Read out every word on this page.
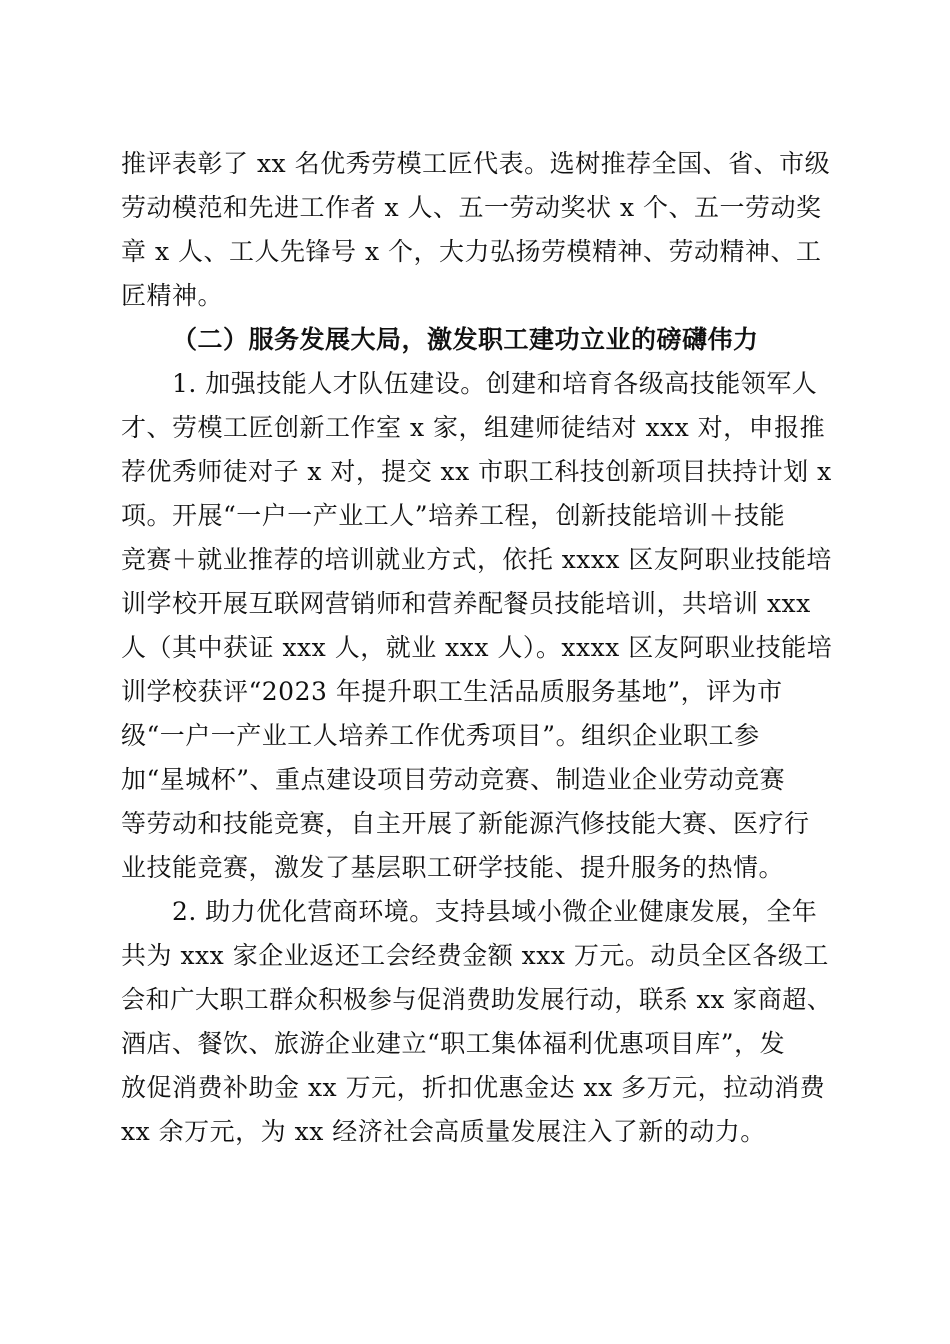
推评表彰了 xx 名优秀劳模工匠代表。选树推荐全国、省、市级
劳动模范和先进工作者 x 人、五一劳动奖状 x 个、五一劳动奖
章 x 人、工人先锋号 x 个，大力弘扬劳模精神、劳动精神、工
匠精神。
（二）服务发展大局，激发职工建功立业的磅礴伟力
1. 加强技能人才队伍建设。创建和培育各级高技能领军人
才、劳模工匠创新工作室 x 家，组建师徒结对 xxx 对，申报推
荐优秀师徒对子 x 对，提交 xx 市职工科技创新项目扶持计划 x
项。开展“一户一产业工人”培养工程，创新技能培训＋技能
竞赛＋就业推荐的培训就业方式，依托 xxxx 区友阿职业技能培
训学校开展互联网营销师和营养配餐员技能培训，共培训 xxx
人（其中获证 xxx 人，就业 xxx 人）。xxxx 区友阿职业技能培
训学校获评“2023 年提升职工生活品质服务基地”，评为市
级“一户一产业工人培养工作优秀项目”。组织企业职工参
加“星城杯”、重点建设项目劳动竞赛、制造业企业劳动竞赛
等劳动和技能竞赛，自主开展了新能源汽修技能大赛、医疗行
业技能竞赛，激发了基层职工研学技能、提升服务的热情。
2. 助力优化营商环境。支持县域小微企业健康发展，全年
共为 xxx 家企业返还工会经费金额 xxx 万元。动员全区各级工
会和广大职工群众积极参与促消费助发展行动，联系 xx 家商超、
酒店、餐饮、旅游企业建立“职工集体福利优惠项目库”，发
放促消费补助金 xx 万元，折扣优惠金达 xx 多万元，拉动消费
xx 余万元，为 xx 经济社会高质量发展注入了新的动力。
